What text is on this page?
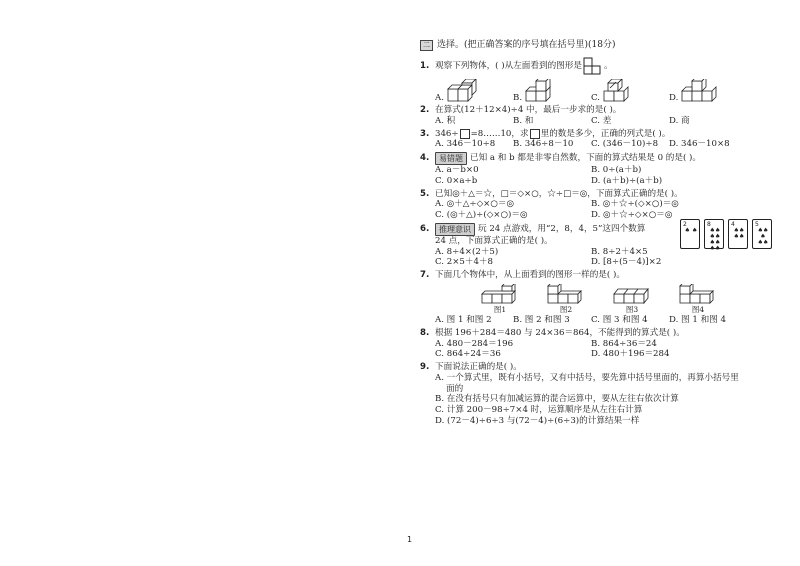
二 选择。(把正确答案的序号填在括号里)(18分)
1. 观察下列物体，( )从左面看到的图形是	。
A.	B.	C.	D.
2. 在算式(12＋12×4)÷4 中，最后一步求的是( )。
A. 积	B. 和	C. 差	D. 商
3. 346÷ =8……10，求 里的数是多少，正确的列式是( )。
A. 346－10÷8	B. 346÷8－10	C. (346－10)÷8	D. 346－10×8
4.	易错题 已知 a 和 b 都是非零自然数，下面的算式结果是 0 的是( )。
A. a－b×0	B. 0÷(a＋b)
C. 0×a÷b	D. (a＋b)÷(a＋b)
5. 已知◎＋△＝☆，□＝◇×○，☆÷□＝◎，下面算式正确的是( )。
A. ◎＋△÷◇×○＝◎	B. ◎＋☆÷(◇×○)＝◎
C. (◎＋△)÷(◇×○)＝◎	D. ◎＋☆÷◇×○＝◎
6.	推理意识 玩 24 点游戏，用“2，8，4，5”这四个数算
24 点，下面算式正确的是( )。
2
♠ ♠
8
♠♠ ♠♠ ♠♠ ♠♠
4
♠♠ ♠♠
5
♠♠ ♠ ♠♠
A. 8÷4×(2＋5)	B. 8÷2＋4×5
C. 2×5＋4＋8	D. [8÷(5－4)]×2
7. 下面几个物体中，从上面看到的图形一样的是( )。
图1	图2	图3	图4
A. 图 1 和图 2	B. 图 2 和图 3	C. 图 3 和图 4	D. 图 1 和图 4
8. 根据 196＋284＝480 与 24×36＝864，不能得到的算式是( )。
A. 480－284＝196	B. 864÷36＝24
C. 864÷24＝36	D. 480＋196＝284
9. 下面说法正确的是( )。
A. 一个算式里，既有小括号，又有中括号，要先算中括号里面的，再算小括号里
面的
B. 在没有括号只有加减运算的混合运算中，要从左往右依次计算
C. 计算 200－98÷7×4 时，运算顺序是从左往右计算
D. (72－4)÷6÷3 与(72－4)÷(6÷3)的计算结果一样
1
